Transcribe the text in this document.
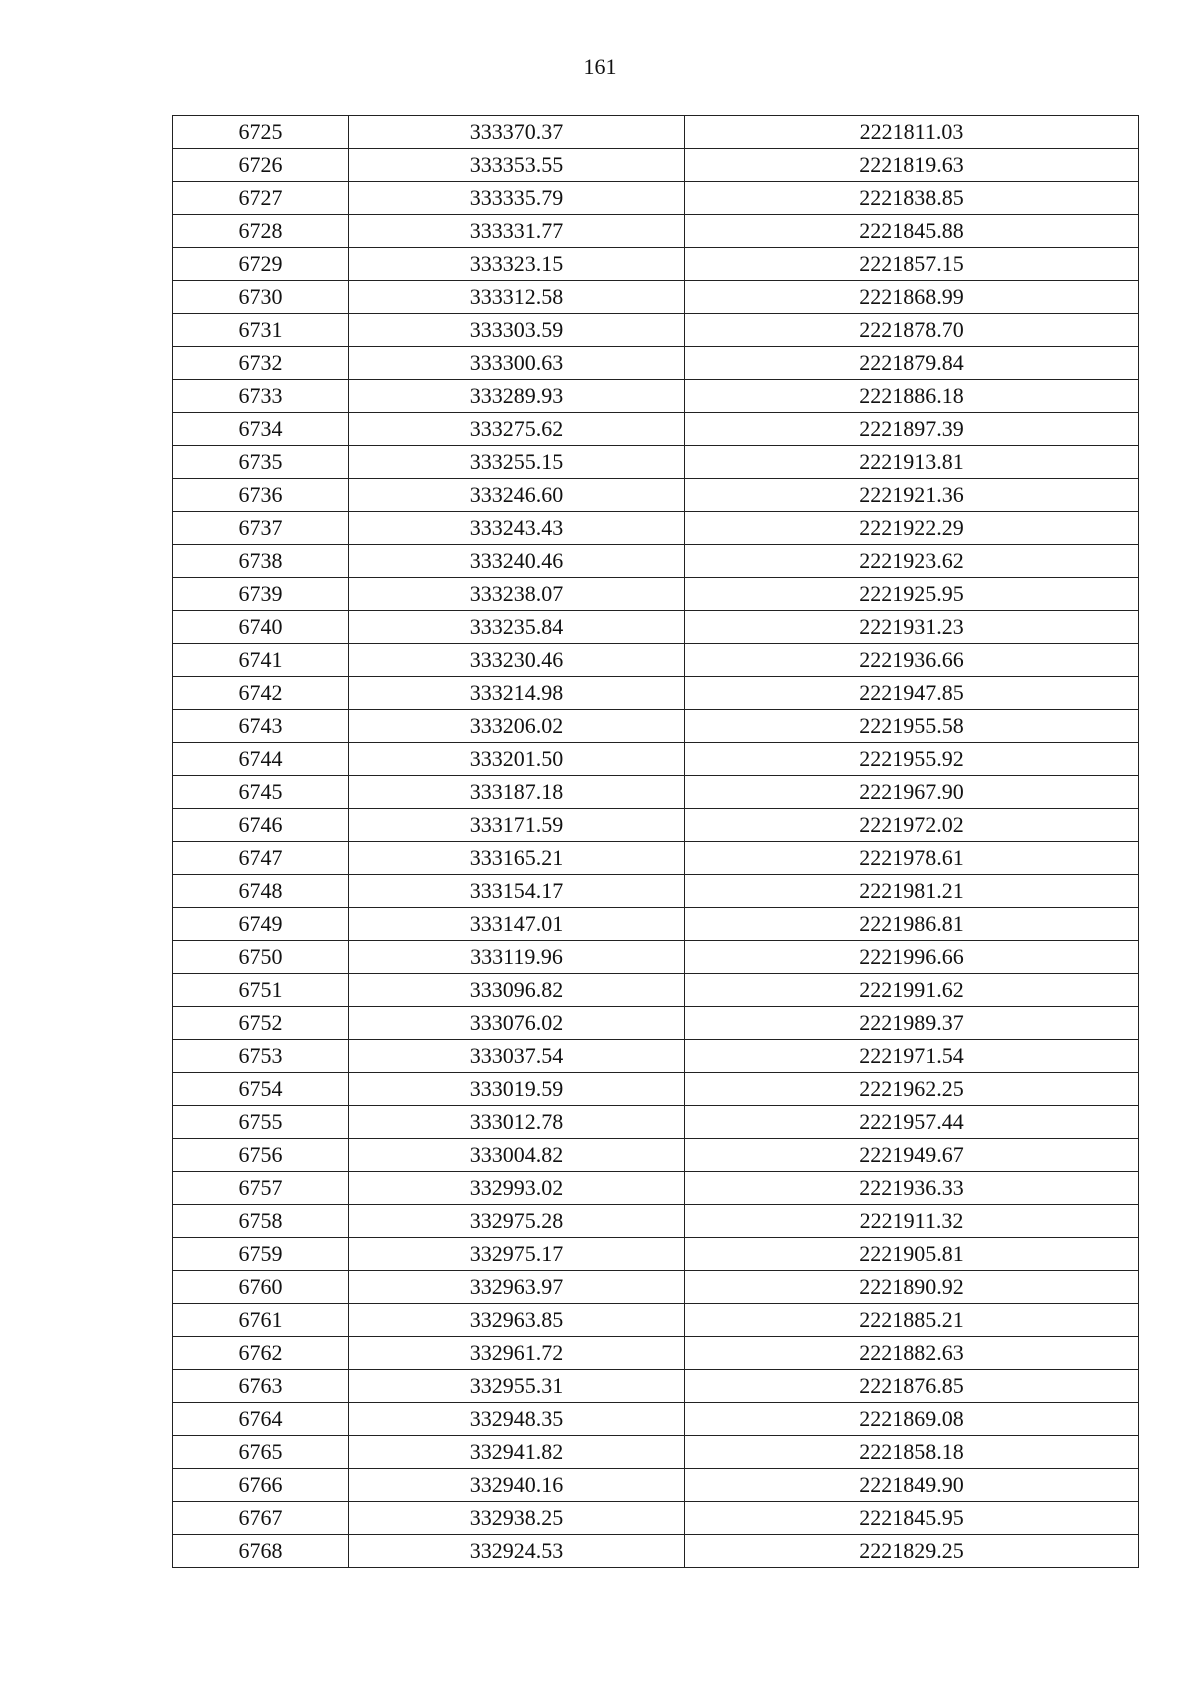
161
6725	333370.37	2221811.03
6726	333353.55	2221819.63
6727	333335.79	2221838.85
6728	333331.77	2221845.88
6729	333323.15	2221857.15
6730	333312.58	2221868.99
6731	333303.59	2221878.70
6732	333300.63	2221879.84
6733	333289.93	2221886.18
6734	333275.62	2221897.39
6735	333255.15	2221913.81
6736	333246.60	2221921.36
6737	333243.43	2221922.29
6738	333240.46	2221923.62
6739	333238.07	2221925.95
6740	333235.84	2221931.23
6741	333230.46	2221936.66
6742	333214.98	2221947.85
6743	333206.02	2221955.58
6744	333201.50	2221955.92
6745	333187.18	2221967.90
6746	333171.59	2221972.02
6747	333165.21	2221978.61
6748	333154.17	2221981.21
6749	333147.01	2221986.81
6750	333119.96	2221996.66
6751	333096.82	2221991.62
6752	333076.02	2221989.37
6753	333037.54	2221971.54
6754	333019.59	2221962.25
6755	333012.78	2221957.44
6756	333004.82	2221949.67
6757	332993.02	2221936.33
6758	332975.28	2221911.32
6759	332975.17	2221905.81
6760	332963.97	2221890.92
6761	332963.85	2221885.21
6762	332961.72	2221882.63
6763	332955.31	2221876.85
6764	332948.35	2221869.08
6765	332941.82	2221858.18
6766	332940.16	2221849.90
6767	332938.25	2221845.95
6768	332924.53	2221829.25
